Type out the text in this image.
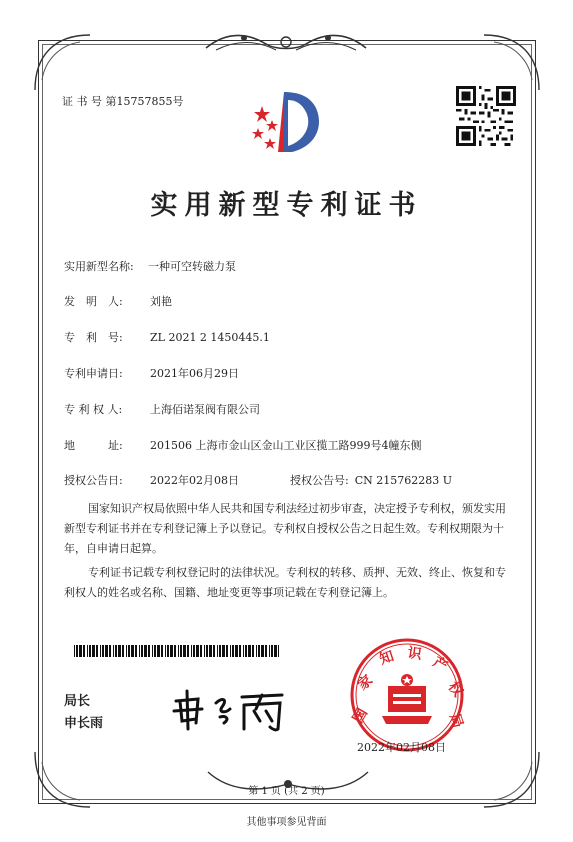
证 书 号 第15757855号
实用新型专利证书
实用新型名称: 一种可空转磁力泵
发　明　人: 刘艳
专　利　号: ZL 2021 2 1450445.1
专利申请日: 2021年06月29日
专 利 权 人:	上海佰诺泵阀有限公司
地　　　址: 201506 上海市金山区金山工业区揽工路999号4幢东侧
授权公告日: 2022年02月08日	授权公告号: CN 215762283 U
国家知识产权局依照中华人民共和国专利法经过初步审查，决定授予专利权，颁发实用新型专利证书并在专利登记簿上予以登记。专利权自授权公告之日起生效。专利权期限为十年，自申请日起算。
专利证书记载专利权登记时的法律状况。专利权的转移、质押、无效、终止、恢复和专利权人的姓名或名称、国籍、地址变更等事项记载在专利登记簿上。
局长
申长雨	国
家
知 识
产
权
局
2022年02月08日
第 1 页 (共 2 页)
其他事项参见背面
